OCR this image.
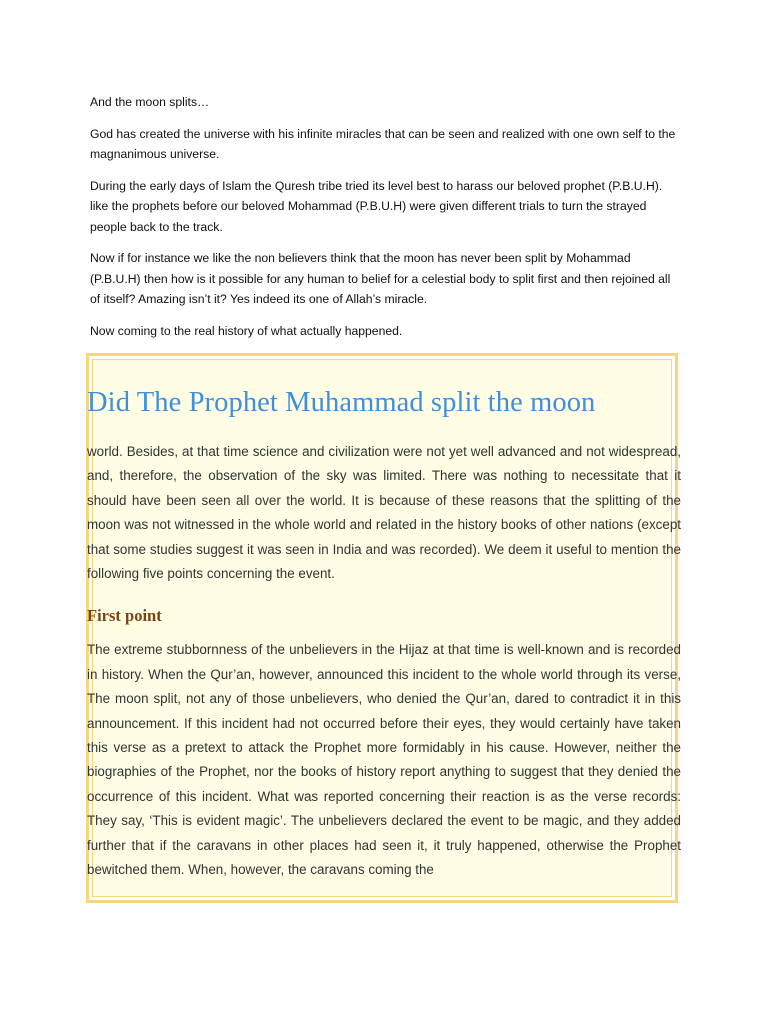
And the moon splits…

God has created the universe with his infinite miracles that can be seen and realized with one own self to the magnanimous universe.

During the early days of Islam the Quresh tribe tried its level best to harass our beloved prophet (P.B.U.H). like the prophets before our beloved Mohammad (P.B.U.H) were given different trials to turn the strayed people back to the track.

Now if for instance we like the non believers think that the moon has never been split by Mohammad (P.B.U.H) then how is it possible for any human to belief for a celestial body to split first and then rejoined all of itself? Amazing isn’t it? Yes indeed its one of Allah’s miracle.

Now coming to the real history of what actually happened.

Did The Prophet Muhammad split the moon

world. Besides, at that time science and civilization were not yet well advanced and not widespread, and, therefore, the observation of the sky was limited. There was nothing to necessitate that it should have been seen all over the world. It is because of these reasons that the splitting of the moon was not witnessed in the whole world and related in the history books of other nations (except that some studies suggest it was seen in India and was recorded). We deem it useful to mention the following five points concerning the event.

First point

The extreme stubbornness of the unbelievers in the Hijaz at that time is well-known and is recorded in history. When the Qur’an, however, announced this incident to the whole world through its verse, The moon split, not any of those unbelievers, who denied the Qur’an, dared to contradict it in this announcement. If this incident had not occurred before their eyes, they would certainly have taken this verse as a pretext to attack the Prophet more formidably in his cause. However, neither the biographies of the Prophet, nor the books of history report anything to suggest that they denied the occurrence of this incident. What was reported concerning their reaction is as the verse records: They say, ‘This is evident magic’. The unbelievers declared the event to be magic, and they added further that if the caravans in other places had seen it, it truly happened, otherwise the Prophet bewitched them. When, however, the caravans coming the
